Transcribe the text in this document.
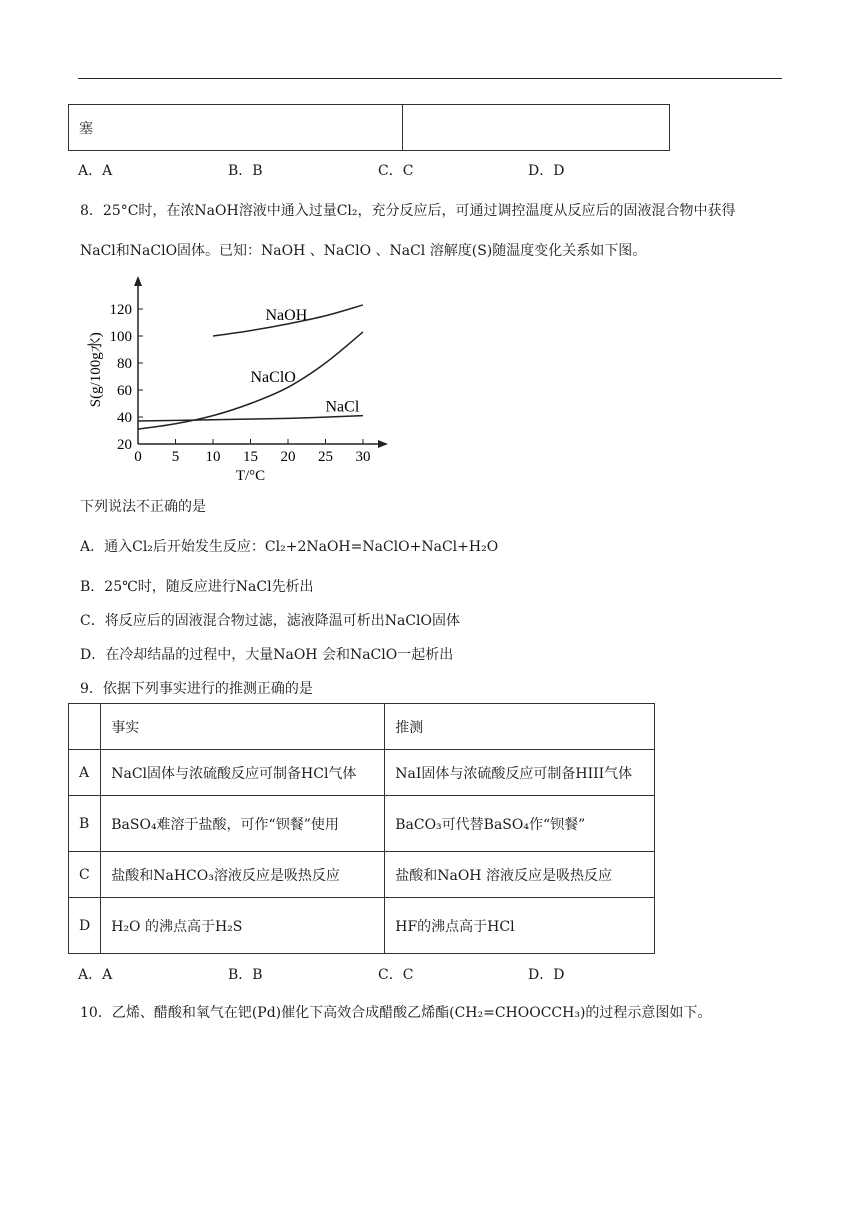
塞	
A．A	B．B	C．C	D．D
8．25°C时，在浓NaOH溶液中通入过量Cl₂，充分反应后，可通过调控温度从反应后的固液混合物中获得
NaCl和NaClO固体。已知：NaOH 、NaClO 、NaCl 溶解度(S)随温度变化关系如下图。
20
40
60
80
100
120
0 5 10 15 20 25 30
T/°C
S(g/100g水)
NaOH
NaClO
NaCl
下列说法不正确的是
A．通入Cl₂后开始发生反应：Cl₂+2NaOH=NaClO+NaCl+H₂O
B．25℃时，随反应进行NaCl先析出
C．将反应后的固液混合物过滤，滤液降温可析出NaClO固体
D．在冷却结晶的过程中，大量NaOH 会和NaClO一起析出
9．依据下列事实进行的推测正确的是
	事实	推测
A	NaCl固体与浓硫酸反应可制备HCl气体	NaI固体与浓硫酸反应可制备HIII气体
B	BaSO₄难溶于盐酸，可作“钡餐”使用	BaCO₃可代替BaSO₄作“钡餐”
C	盐酸和NaHCO₃溶液反应是吸热反应	盐酸和NaOH 溶液反应是吸热反应
D	H₂O 的沸点高于H₂S	HF的沸点高于HCl
A．A	B．B	C．C	D．D
10．乙烯、醋酸和氧气在钯(Pd)催化下高效合成醋酸乙烯酯(CH₂=CHOOCCH₃)的过程示意图如下。
